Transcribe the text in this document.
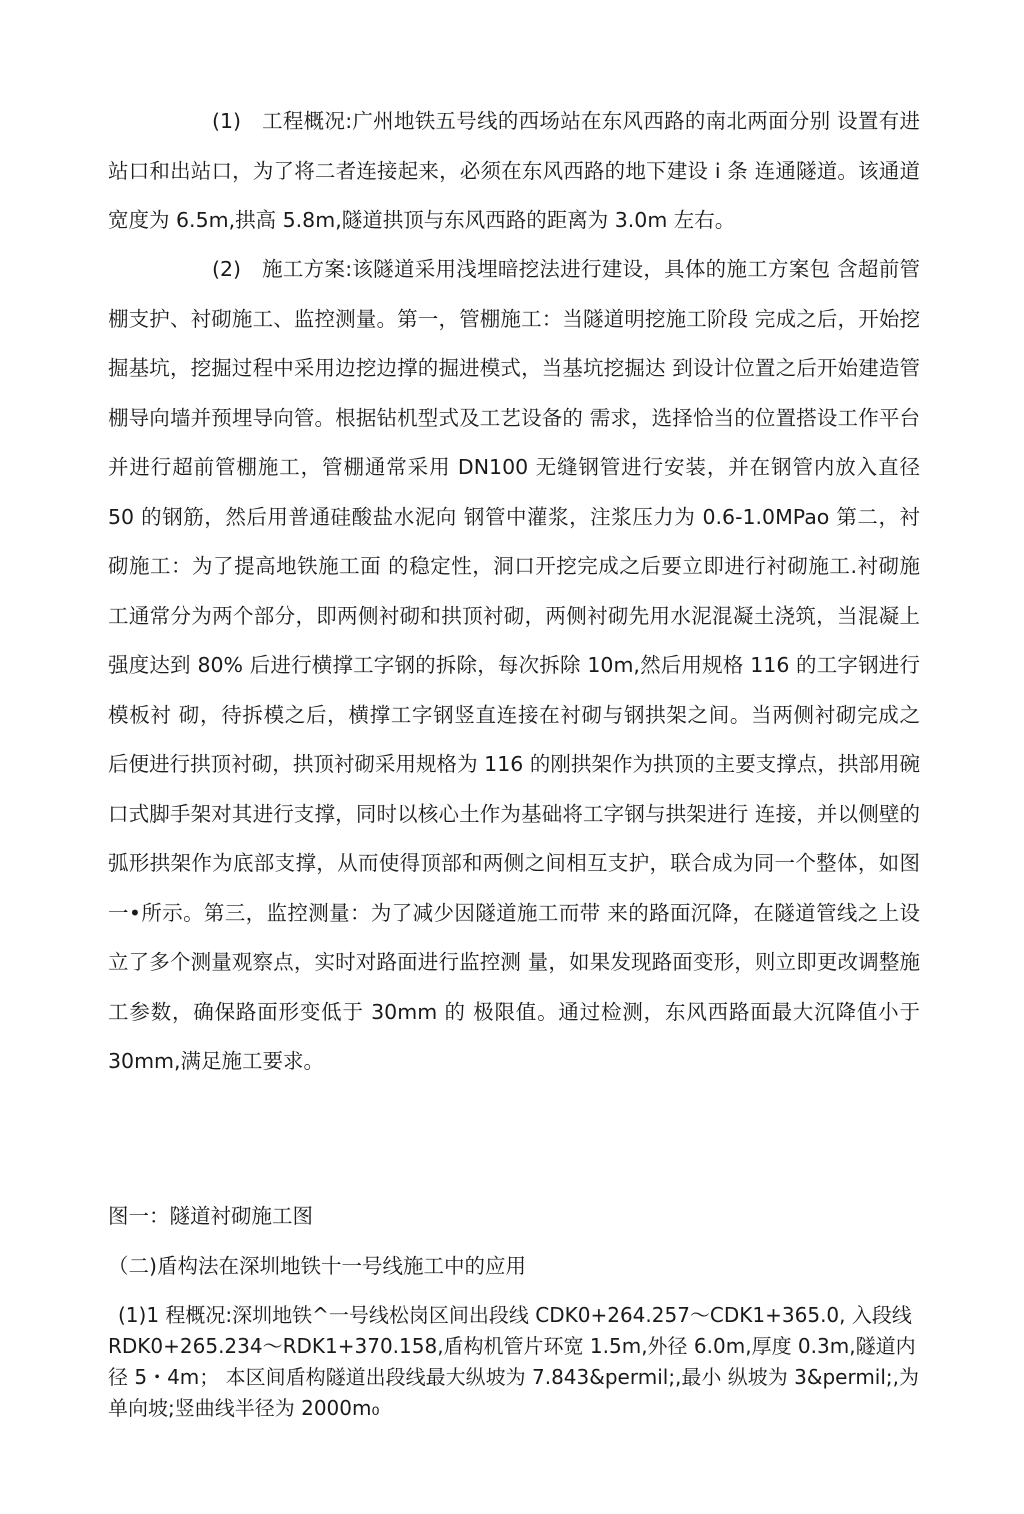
(1)　工程概况:广州地铁五号线的西场站在东风西路的南北两面分别 设置有进站口和出站口，为了将二者连接起来，必须在东风西路的地下建设 i 条 连通隧道。该通道宽度为 6.5m,拱高 5.8m,隧道拱顶与东风西路的距离为 3.0m 左右。

(2)　施工方案:该隧道采用浅埋暗挖法进行建设，具体的施工方案包 含超前管棚支护、衬砌施工、监控测量。第一，管棚施工：当隧道明挖施工阶段 完成之后，开始挖掘基坑，挖掘过程中采用边挖边撑的掘进模式，当基坑挖掘达 到设计位置之后开始建造管棚导向墙并预埋导向管。根据钻机型式及工艺设备的 需求，选择恰当的位置搭设工作平台并进行超前管棚施工，管棚通常采用 DN100 无缝钢管进行安装，并在钢管内放入直径 50 的钢筋，然后用普通硅酸盐水泥向 钢管中灌浆，注浆压力为 0.6-1.0MPao 第二，衬砌施工：为了提高地铁施工面 的稳定性，洞口开挖完成之后要立即进行衬砌施工.衬砌施工通常分为两个部分，即两侧衬砌和拱顶衬砌，两侧衬砌先用水泥混凝土浇筑，当混凝上强度达到 80% 后进行横撑工字钢的拆除，每次拆除 10m,然后用规格 116 的工字钢进行模板衬 砌，待拆模之后，横撑工字钢竖直连接在衬砌与钢拱架之间。当两侧衬砌完成之 后便进行拱顶衬砌，拱顶衬砌采用规格为 116 的刚拱架作为拱顶的主要支撑点，拱部用碗口式脚手架对其进行支撑，同时以核心土作为基础将工字钢与拱架进行 连接，并以侧壁的弧形拱架作为底部支撑，从而使得顶部和两侧之间相互支护，联合成为同一个整体，如图一•所示。第三，监控测量：为了减少因隧道施工而带 来的路面沉降，在隧道管线之上设立了多个测量观察点，实时对路面进行监控测 量，如果发现路面变形，则立即更改调整施工参数，确保路面形变低于 30mm 的 极限值。通过检测，东风西路面最大沉降值小于 30mm,满足施工要求。

图一：隧道衬砌施工图

（二)盾构法在深圳地铁十一号线施工中的应用

(1)1 程概况:深圳地铁^一号线松岗区间出段线 CDK0+264.257～CDK1+365.0, 入段线 RDK0+265.234～RDK1+370.158,盾构机管片环宽 1.5m,外径 6.0m,厚度 0.3m,隧道内径 5・4m； 本区间盾构隧道出段线最大纵坡为 7.843&permil;,最小 纵坡为 3&permil;,为单向坡;竖曲线半径为 2000m₀
